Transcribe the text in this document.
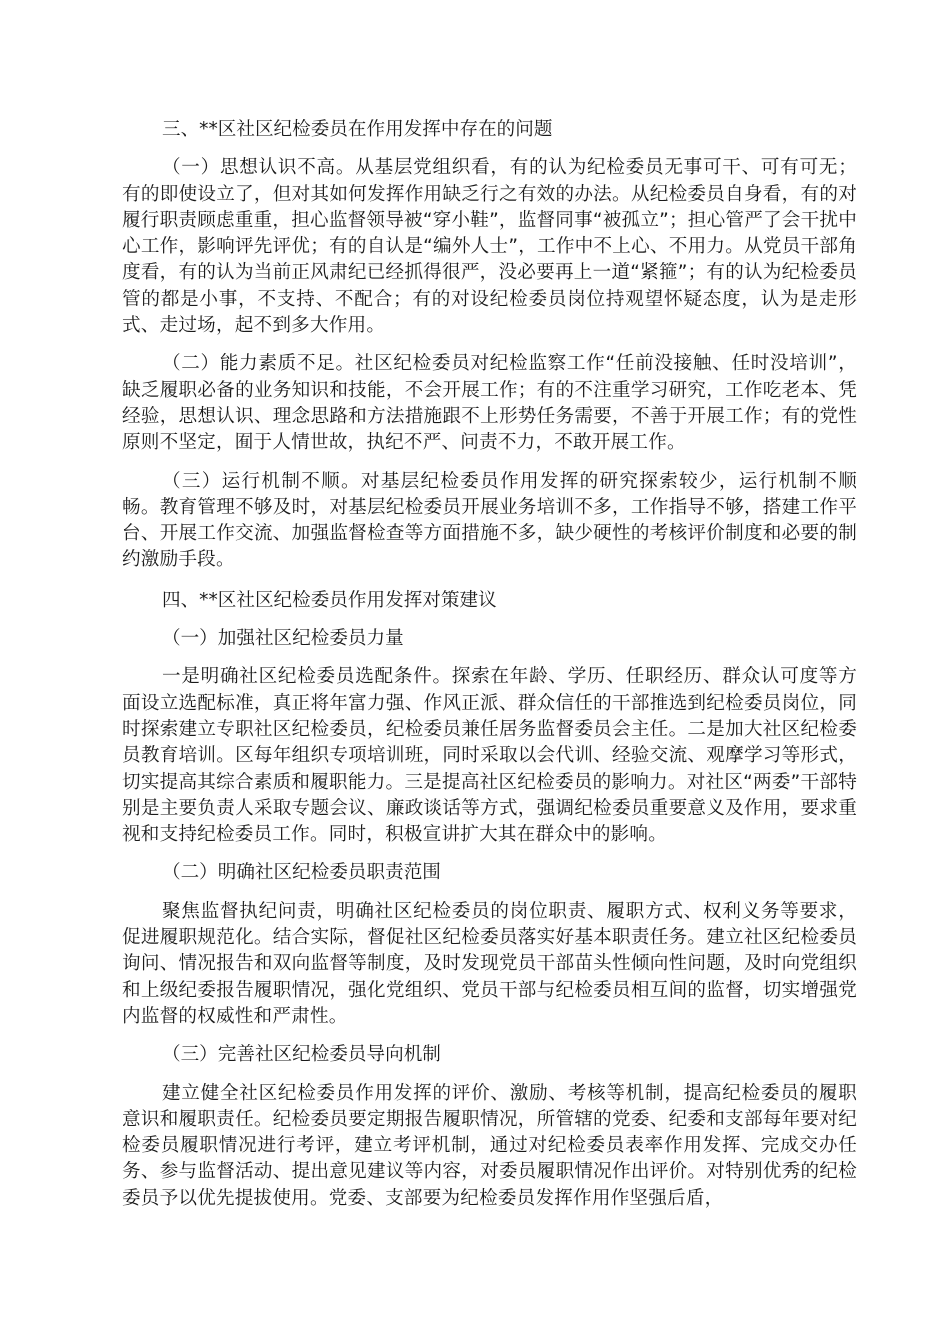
三、**区社区纪检委员在作用发挥中存在的问题

（一）思想认识不高。从基层党组织看，有的认为纪检委员无事可干、可有可无；有的即使设立了，但对其如何发挥作用缺乏行之有效的办法。从纪检委员自身看，有的对履行职责顾虑重重，担心监督领导被“穿小鞋”，监督同事“被孤立”；担心管严了会干扰中心工作，影响评先评优；有的自认是“编外人士”，工作中不上心、不用力。从党员干部角度看，有的认为当前正风肃纪已经抓得很严，没必要再上一道“紧箍”；有的认为纪检委员管的都是小事，不支持、不配合；有的对设纪检委员岗位持观望怀疑态度，认为是走形式、走过场，起不到多大作用。

（二）能力素质不足。社区纪检委员对纪检监察工作“任前没接触、任时没培训”，缺乏履职必备的业务知识和技能，不会开展工作；有的不注重学习研究，工作吃老本、凭经验，思想认识、理念思路和方法措施跟不上形势任务需要，不善于开展工作；有的党性原则不坚定，囿于人情世故，执纪不严、问责不力，不敢开展工作。

（三）运行机制不顺。对基层纪检委员作用发挥的研究探索较少，运行机制不顺畅。教育管理不够及时，对基层纪检委员开展业务培训不多，工作指导不够，搭建工作平台、开展工作交流、加强监督检查等方面措施不多，缺少硬性的考核评价制度和必要的制约激励手段。

四、**区社区纪检委员作用发挥对策建议

（一）加强社区纪检委员力量

一是明确社区纪检委员选配条件。探索在年龄、学历、任职经历、群众认可度等方面设立选配标准，真正将年富力强、作风正派、群众信任的干部推选到纪检委员岗位，同时探索建立专职社区纪检委员，纪检委员兼任居务监督委员会主任。二是加大社区纪检委员教育培训。区每年组织专项培训班，同时采取以会代训、经验交流、观摩学习等形式，切实提高其综合素质和履职能力。三是提高社区纪检委员的影响力。对社区“两委”干部特别是主要负责人采取专题会议、廉政谈话等方式，强调纪检委员重要意义及作用，要求重视和支持纪检委员工作。同时，积极宣讲扩大其在群众中的影响。

（二）明确社区纪检委员职责范围

聚焦监督执纪问责，明确社区纪检委员的岗位职责、履职方式、权利义务等要求，促进履职规范化。结合实际，督促社区纪检委员落实好基本职责任务。建立社区纪检委员询问、情况报告和双向监督等制度，及时发现党员干部苗头性倾向性问题，及时向党组织和上级纪委报告履职情况，强化党组织、党员干部与纪检委员相互间的监督，切实增强党内监督的权威性和严肃性。

（三）完善社区纪检委员导向机制

建立健全社区纪检委员作用发挥的评价、激励、考核等机制，提高纪检委员的履职意识和履职责任。纪检委员要定期报告履职情况，所管辖的党委、纪委和支部每年要对纪检委员履职情况进行考评，建立考评机制，通过对纪检委员表率作用发挥、完成交办任务、参与监督活动、提出意见建议等内容，对委员履职情况作出评价。对特别优秀的纪检委员予以优先提拔使用。党委、支部要为纪检委员发挥作用作坚强后盾，
